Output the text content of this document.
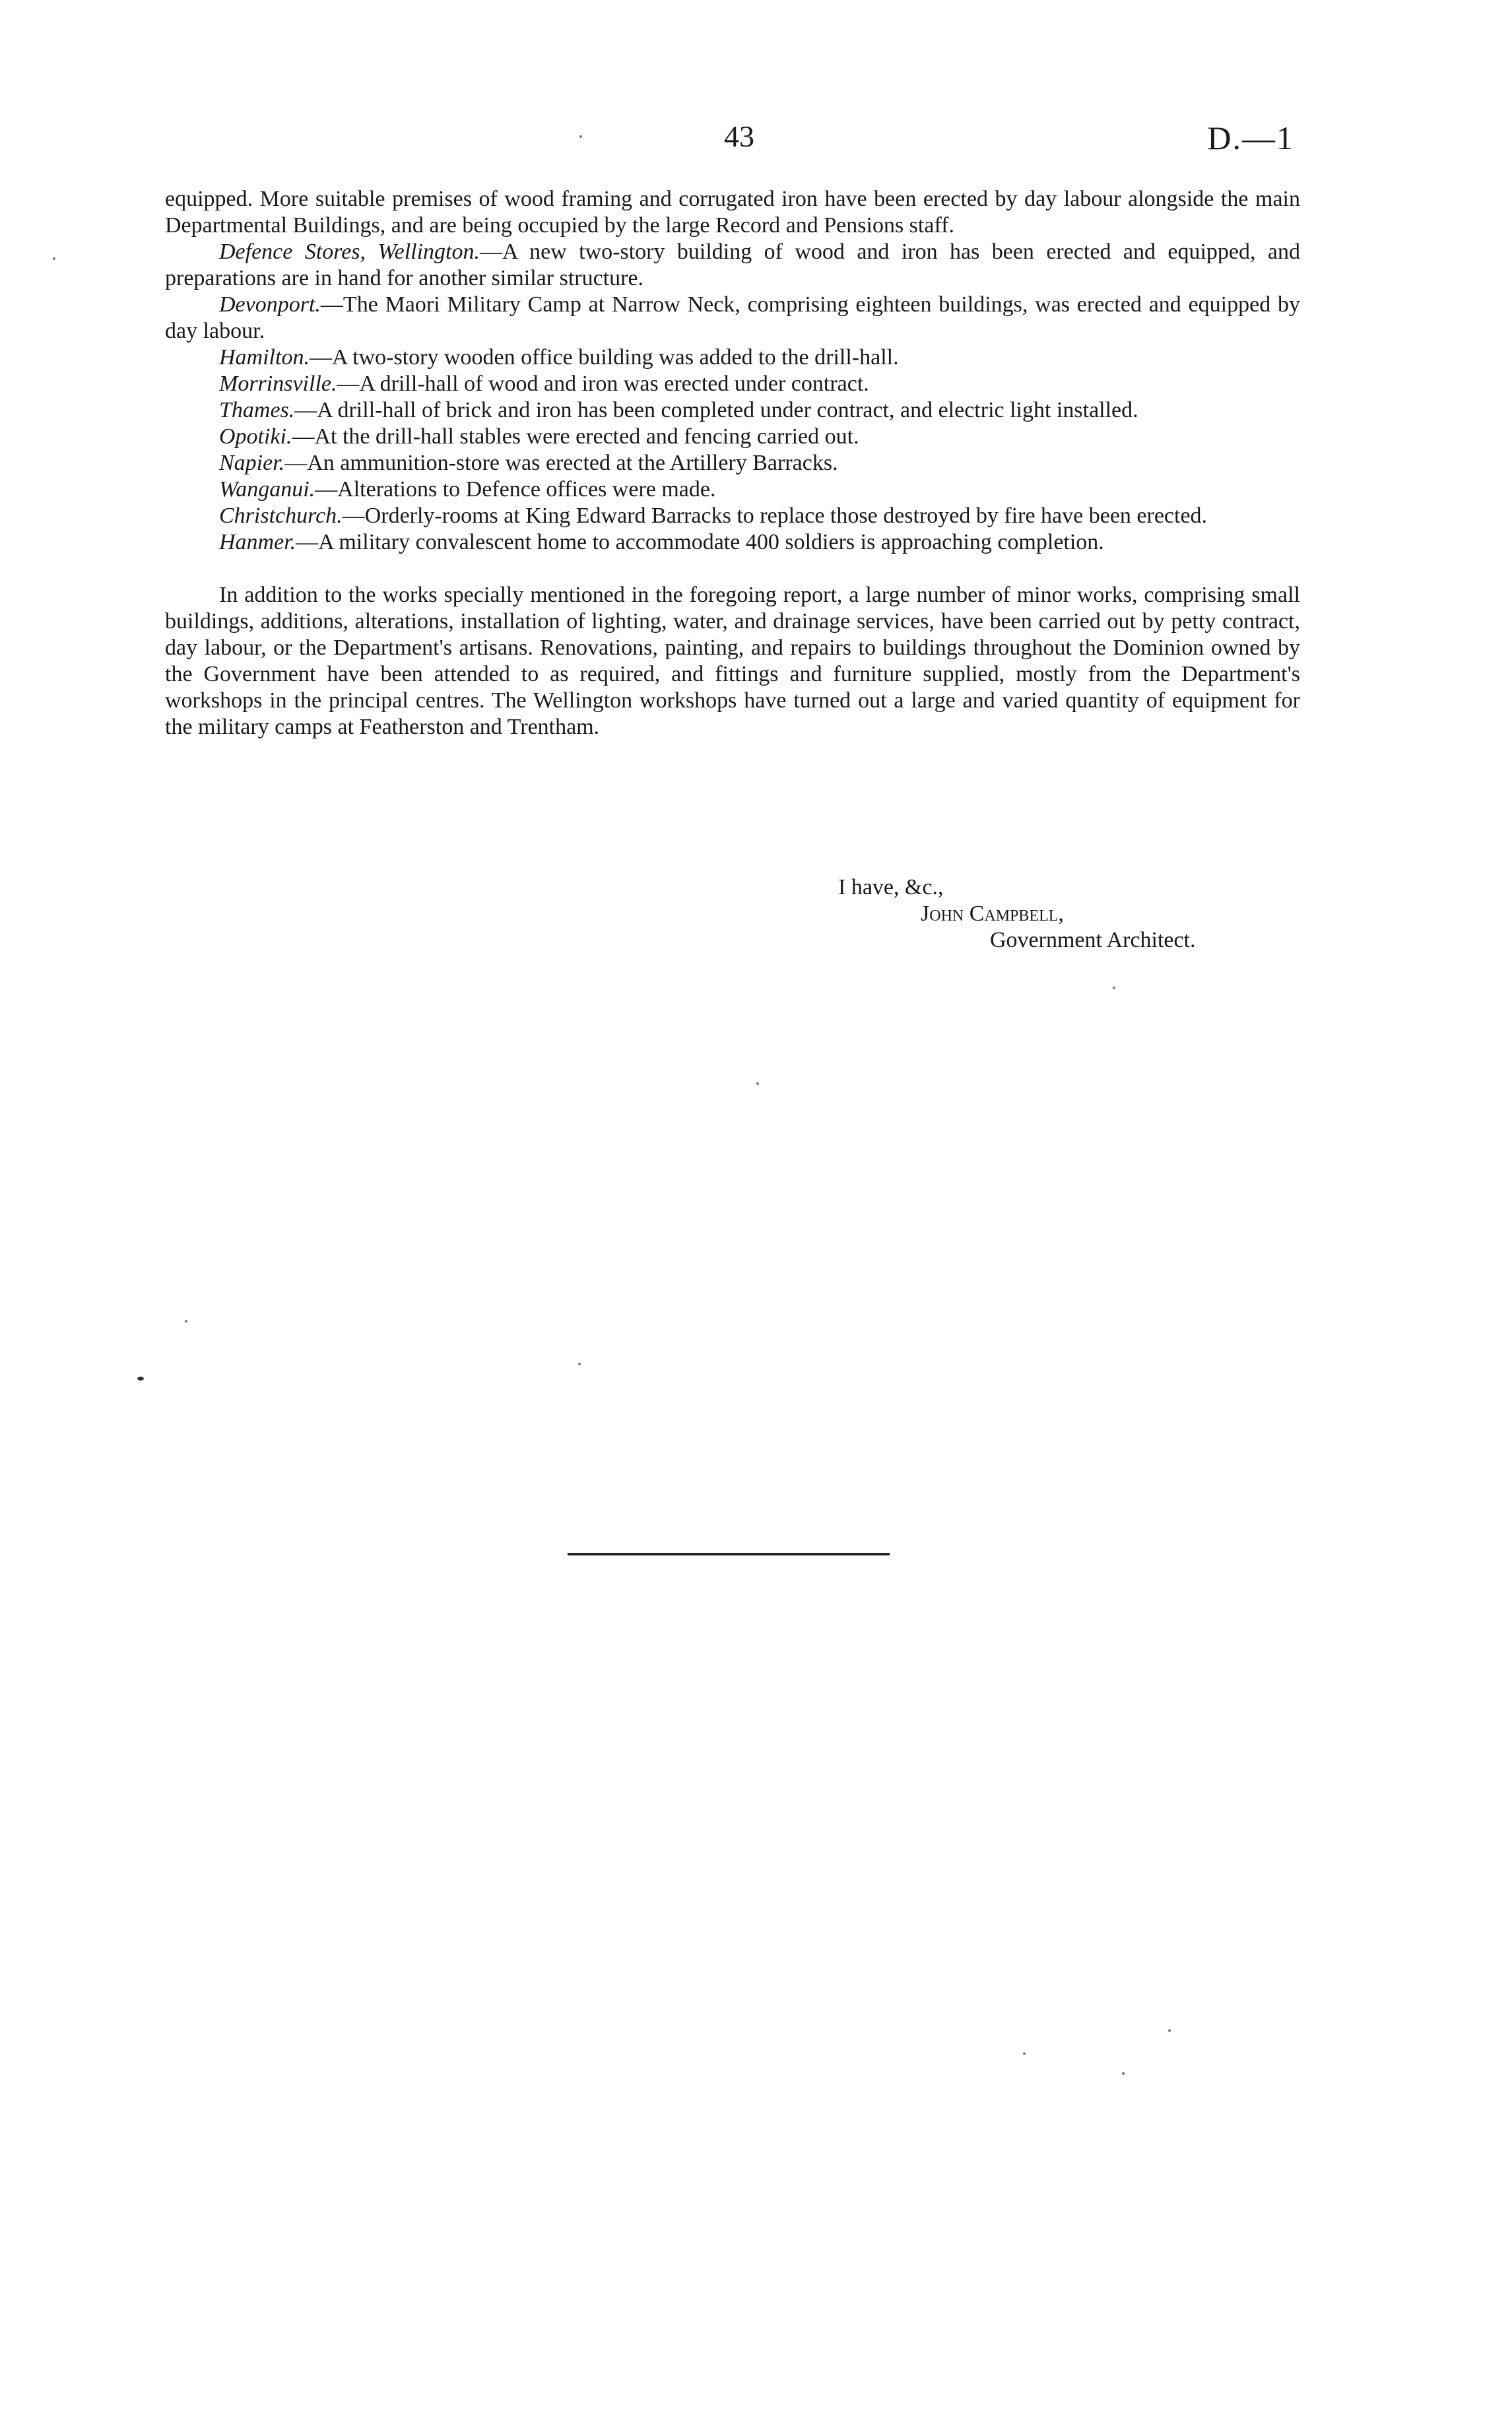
43	D.—1

equipped. More suitable premises of wood framing and corrugated iron have been erected by day labour alongside the main Departmental Buildings, and are being occupied by the large Record and Pensions staff.

Defence Stores, Wellington.—A new two-story building of wood and iron has been erected and equipped, and preparations are in hand for another similar structure.

Devonport.—The Maori Military Camp at Narrow Neck, comprising eighteen buildings, was erected and equipped by day labour.

Hamilton.—A two-story wooden office building was added to the drill-hall.

Morrinsville.—A drill-hall of wood and iron was erected under contract.

Thames.—A drill-hall of brick and iron has been completed under contract, and electric light installed.

Opotiki.—At the drill-hall stables were erected and fencing carried out.

Napier.—An ammunition-store was erected at the Artillery Barracks.

Wanganui.—Alterations to Defence offices were made.

Christchurch.—Orderly-rooms at King Edward Barracks to replace those destroyed by fire have been erected.

Hanmer.—A military convalescent home to accommodate 400 soldiers is approaching completion.

In addition to the works specially mentioned in the foregoing report, a large number of minor works, comprising small buildings, additions, alterations, installation of lighting, water, and drainage services, have been carried out by petty contract, day labour, or the Department's artisans. Renovations, painting, and repairs to buildings throughout the Dominion owned by the Government have been attended to as required, and fittings and furniture supplied, mostly from the Department's workshops in the principal centres. The Wellington workshops have turned out a large and varied quantity of equipment for the military camps at Featherston and Trentham.

I have, &c.,
John Campbell,
Government Architect.
